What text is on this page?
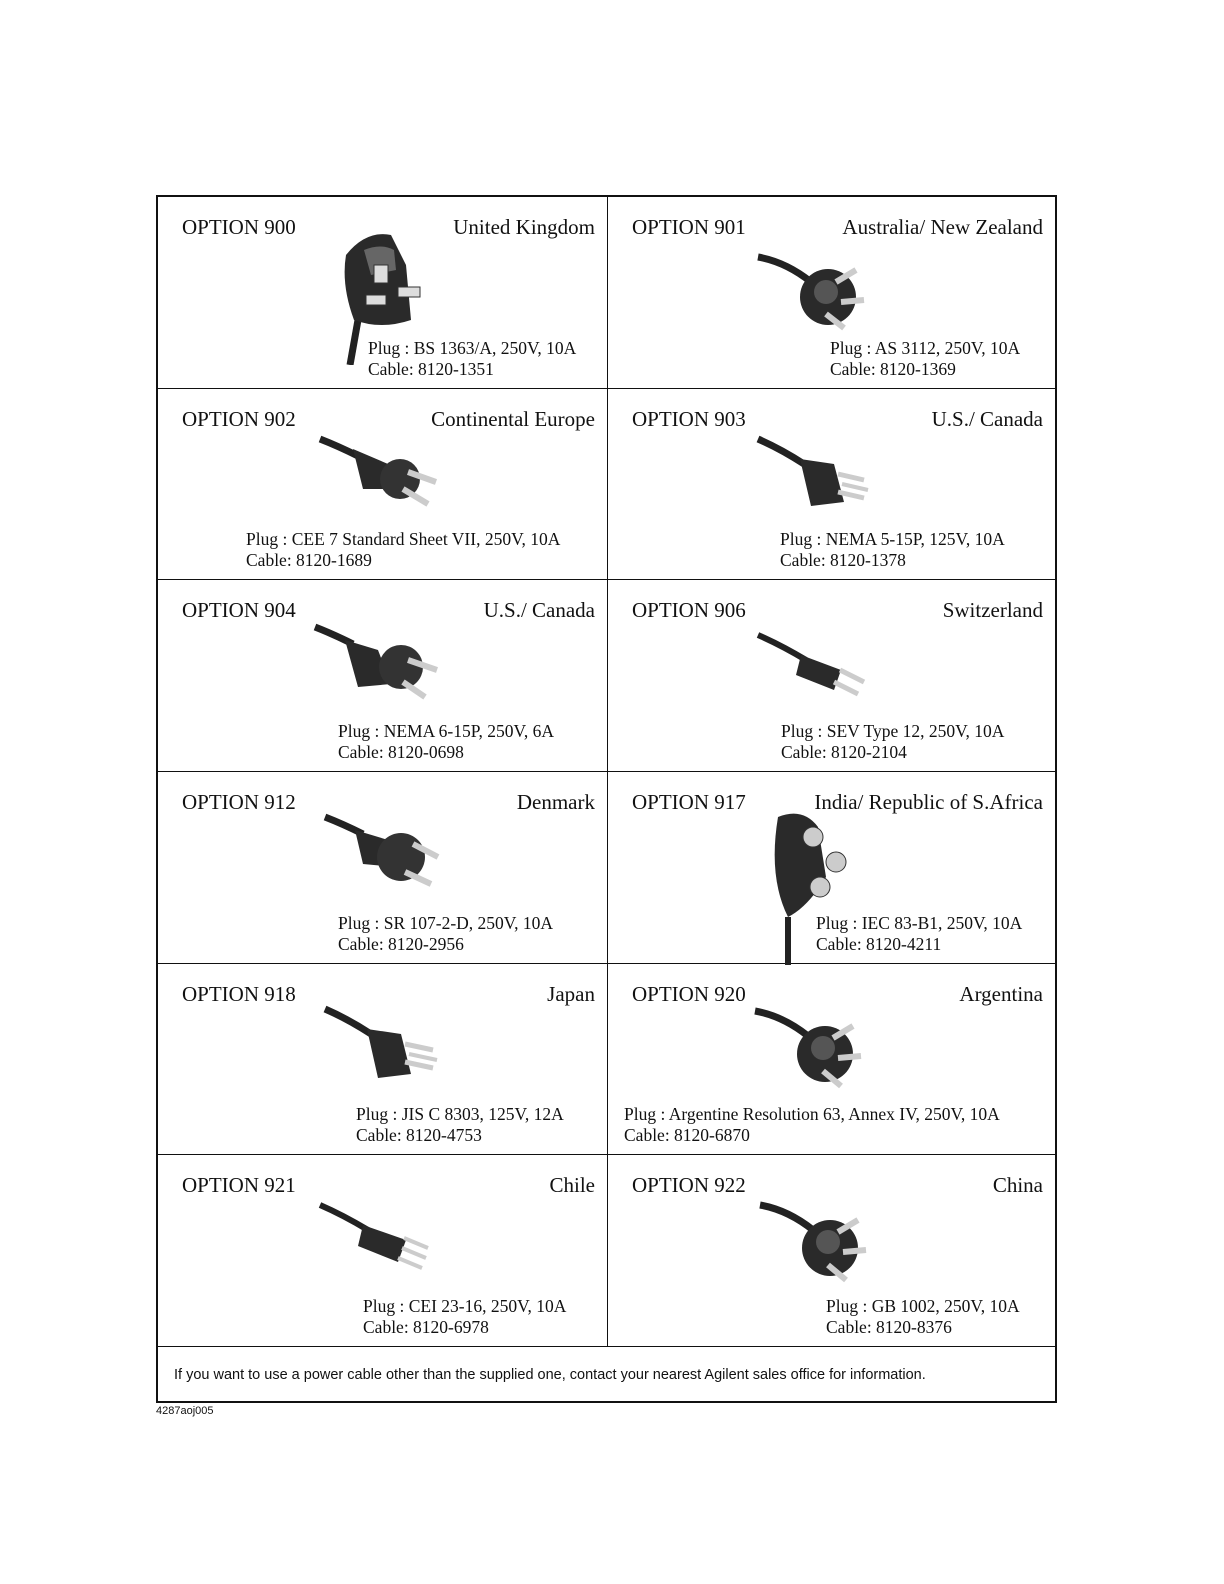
OPTION 900	United Kingdom
Plug : BS 1363/A, 250V, 10A
Cable: 8120-1351
OPTION 901	Australia/ New Zealand
Plug : AS 3112, 250V, 10A
Cable: 8120-1369
OPTION 902	Continental Europe
Plug : CEE 7 Standard Sheet VII, 250V, 10A
Cable: 8120-1689
OPTION 903	U.S./ Canada
Plug : NEMA 5-15P, 125V, 10A
Cable: 8120-1378
OPTION 904	U.S./ Canada
Plug : NEMA 6-15P, 250V, 6A
Cable: 8120-0698
OPTION 906	Switzerland
Plug : SEV Type 12, 250V, 10A
Cable: 8120-2104
OPTION 912	Denmark
Plug : SR 107-2-D, 250V, 10A
Cable: 8120-2956
OPTION 917	India/ Republic of S.Africa
Plug : IEC 83-B1, 250V, 10A
Cable: 8120-4211
OPTION 918	Japan
Plug : JIS C 8303, 125V, 12A
Cable: 8120-4753
OPTION 920	Argentina
Plug : Argentine Resolution 63, Annex IV, 250V, 10A
Cable: 8120-6870
OPTION 921	Chile
Plug : CEI 23-16, 250V, 10A
Cable: 8120-6978
OPTION 922	China
Plug : GB 1002, 250V, 10A
Cable: 8120-8376
If you want to use a power cable other than the supplied one, contact your nearest Agilent sales office for information.
4287aoj005
